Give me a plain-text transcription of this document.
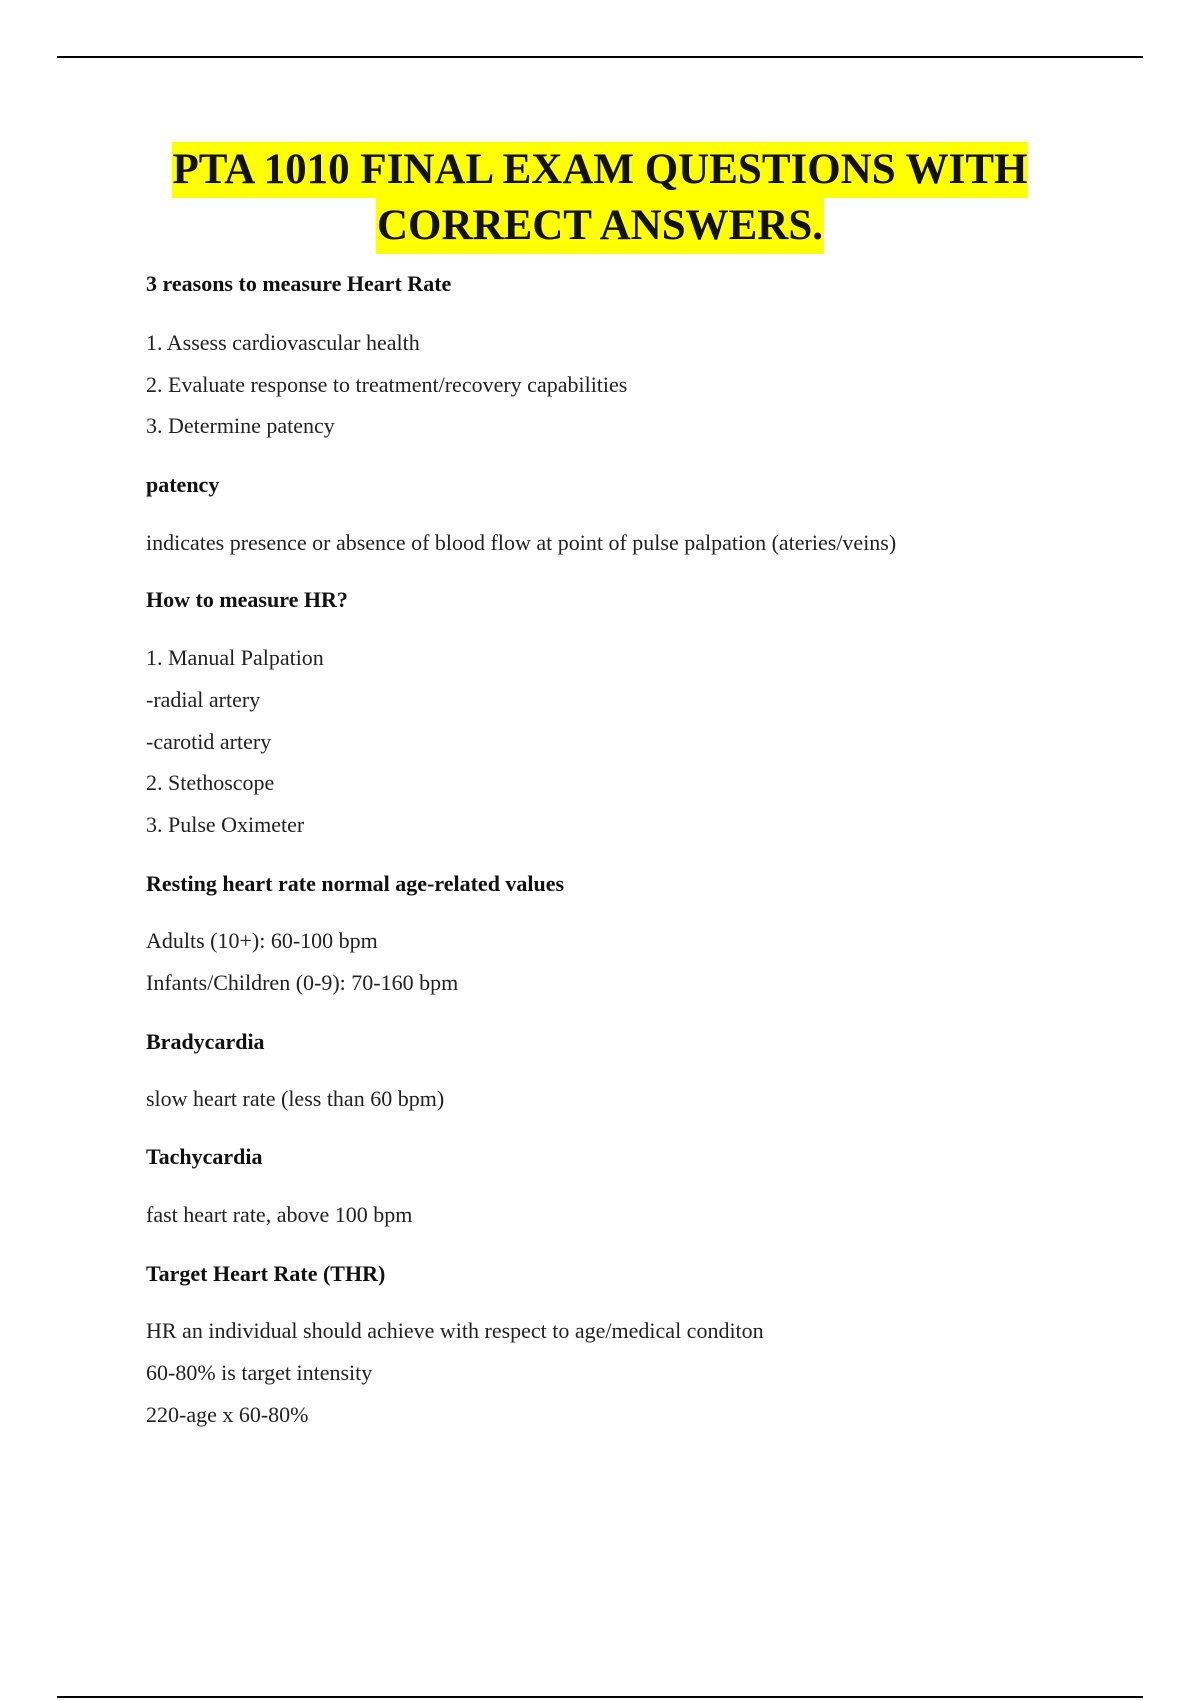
PTA 1010 FINAL EXAM QUESTIONS WITH
CORRECT ANSWERS.
3 reasons to measure Heart Rate
1. Assess cardiovascular health
2. Evaluate response to treatment/recovery capabilities
3. Determine patency
patency
indicates presence or absence of blood flow at point of pulse palpation (ateries/veins)
How to measure HR?
1. Manual Palpation
-radial artery
-carotid artery
2. Stethoscope
3. Pulse Oximeter
Resting heart rate normal age-related values
Adults (10+): 60-100 bpm
Infants/Children (0-9): 70-160 bpm
Bradycardia
slow heart rate (less than 60 bpm)
Tachycardia
fast heart rate, above 100 bpm
Target Heart Rate (THR)
HR an individual should achieve with respect to age/medical conditon
60-80% is target intensity
220-age x 60-80%
